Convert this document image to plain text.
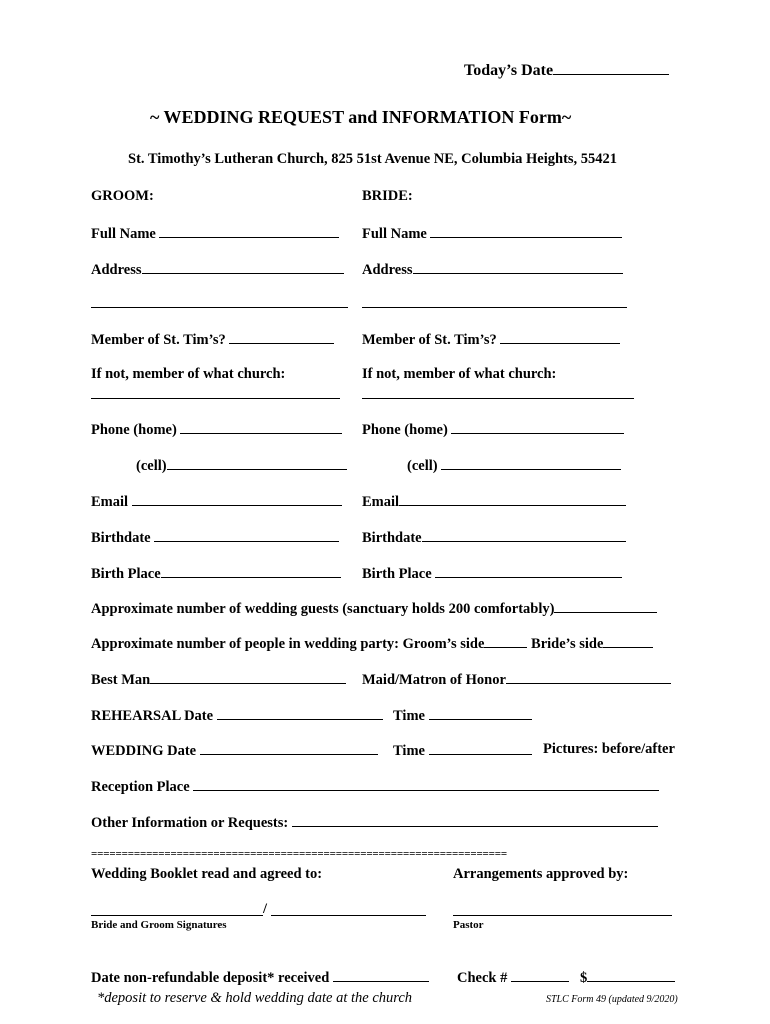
Today’s Date
~ WEDDING REQUEST and INFORMATION Form~
St. Timothy’s Lutheran Church, 825 51st Avenue NE, Columbia Heights, 55421
GROOM:	BRIDE:
Full Name	Full Name
Address	Address
Member of St. Tim’s?	Member of St. Tim’s?
If not, member of what church:	If not, member of what church:
Phone (home)	Phone (home)
(cell)	(cell)
Email	Email
Birthdate	Birthdate
Birth Place	Birth Place
Approximate number of wedding guests (sanctuary holds 200 comfortably)
Approximate number of people in wedding party: Groom’s side	Bride’s side
Best Man	Maid/Matron of Honor
REHEARSAL Date	Time
WEDDING Date	Time	Pictures: before/after
Reception Place
Other Information or Requests:
====================================================================
Wedding Booklet read and agreed to:	Arrangements approved by:
/
Bride and Groom Signatures	Pastor
Date non-refundable deposit* received	Check #	$
*deposit to reserve & hold wedding date at the church	STLC Form 49 (updated 9/2020)
